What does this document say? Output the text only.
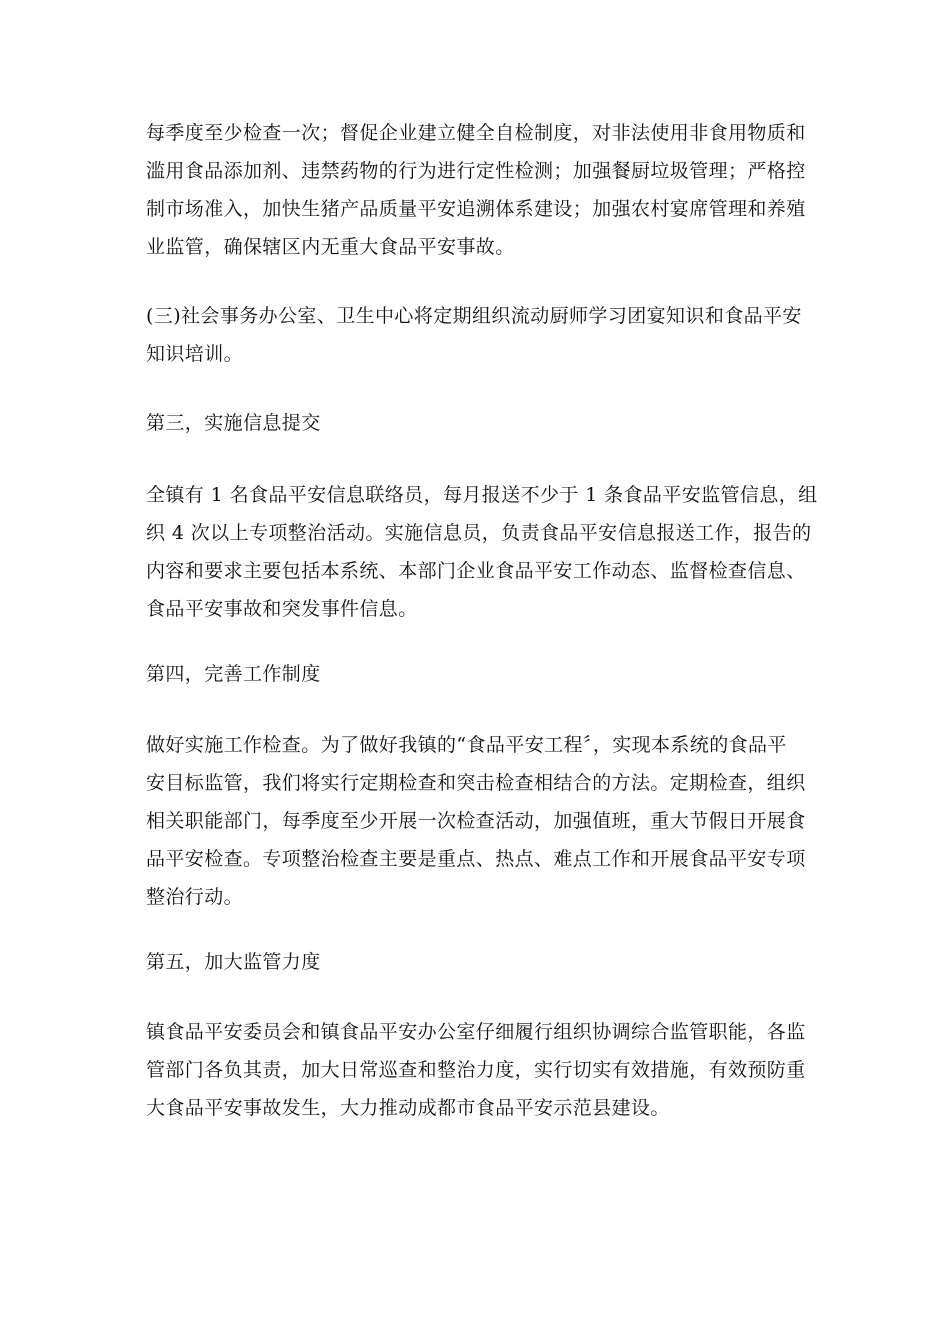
每季度至少检查一次；督促企业建立健全自检制度，对非法使用非食用物质和
滥用食品添加剂、违禁药物的行为进行定性检测；加强餐厨垃圾管理；严格控
制市场准入，加快生猪产品质量平安追溯体系建设；加强农村宴席管理和养殖
业监管，确保辖区内无重大食品平安事故。
(三)社会事务办公室、卫生中心将定期组织流动厨师学习团宴知识和食品平安
知识培训。
第三，实施信息提交
全镇有 1 名食品平安信息联络员，每月报送不少于 1 条食品平安监管信息，组
织 4 次以上专项整治活动。实施信息员，负责食品平安信息报送工作，报告的
内容和要求主要包括本系统、本部门企业食品平安工作动态、监督检查信息、
食品平安事故和突发事件信息。
第四，完善工作制度
做好实施工作检查。为了做好我镇的“食品平安工程〞，实现本系统的食品平
安目标监管，我们将实行定期检查和突击检查相结合的方法。定期检查，组织
相关职能部门，每季度至少开展一次检查活动，加强值班，重大节假日开展食
品平安检查。专项整治检查主要是重点、热点、难点工作和开展食品平安专项
整治行动。
第五，加大监管力度
镇食品平安委员会和镇食品平安办公室仔细履行组织协调综合监管职能，各监
管部门各负其责，加大日常巡查和整治力度，实行切实有效措施，有效预防重
大食品平安事故发生，大力推动成都市食品平安示范县建设。
